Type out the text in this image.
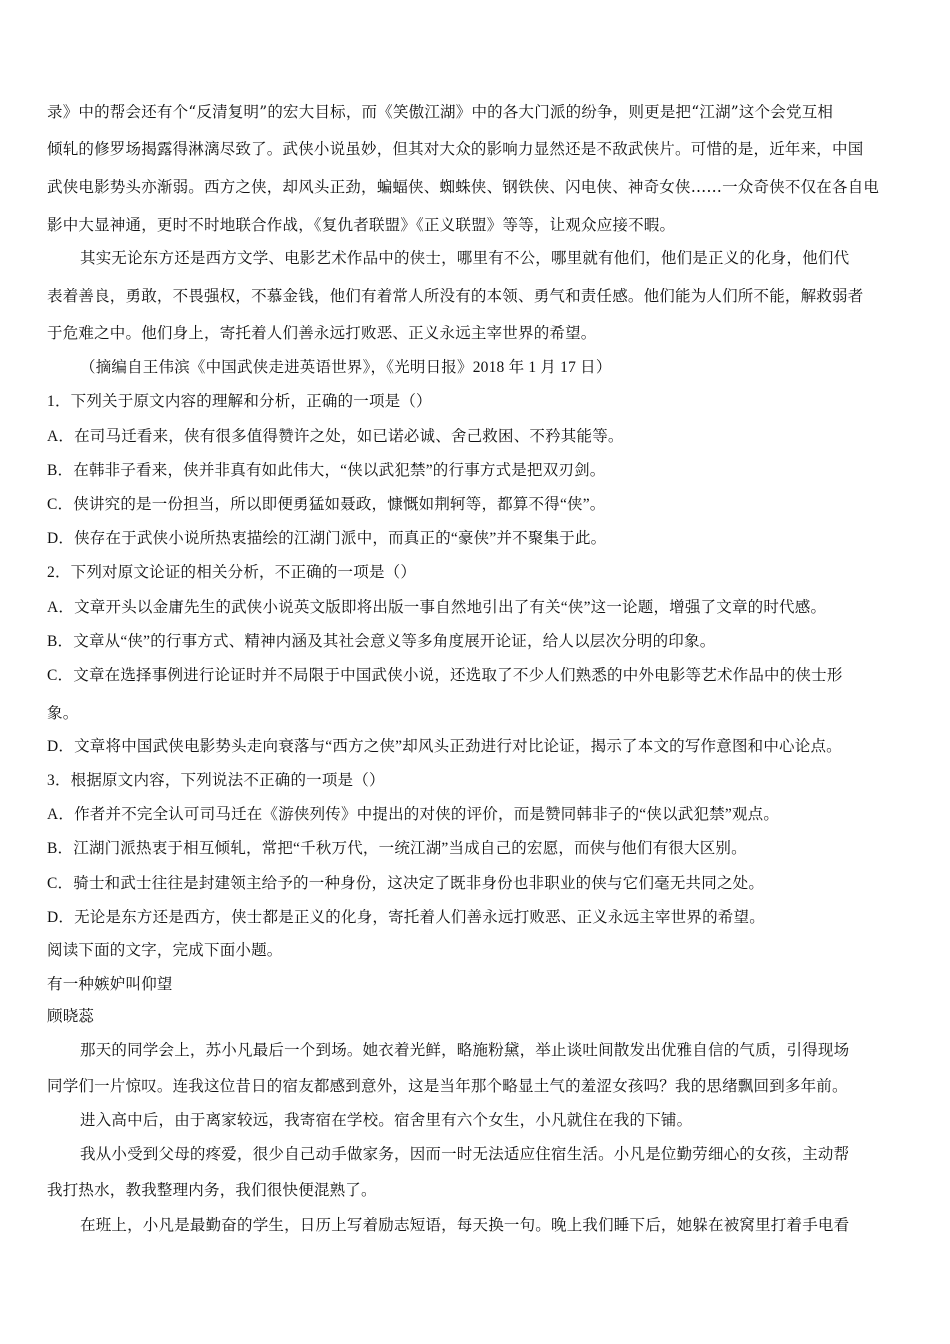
录》中的帮会还有个“反清复明”的宏大目标，而《笑傲江湖》中的各大门派的纷争，则更是把“江湖”这个会党互相
倾轧的修罗场揭露得淋漓尽致了。武侠小说虽妙，但其对大众的影响力显然还是不敌武侠片。可惜的是，近年来，中国
武侠电影势头亦渐弱。西方之侠，却风头正劲，蝙蝠侠、蜘蛛侠、钢铁侠、闪电侠、神奇女侠……一众奇侠不仅在各自电
影中大显神通，更时不时地联合作战，《复仇者联盟》《正义联盟》等等，让观众应接不暇。
其实无论东方还是西方文学、电影艺术作品中的侠士，哪里有不公，哪里就有他们，他们是正义的化身，他们代
表着善良，勇敢，不畏强权，不慕金钱，他们有着常人所没有的本领、勇气和责任感。他们能为人们所不能，解救弱者
于危难之中。他们身上，寄托着人们善永远打败恶、正义永远主宰世界的希望。
（摘编自王伟滨《中国武侠走进英语世界》，《光明日报》2018 年 1 月 17 日）
1．下列关于原文内容的理解和分析，正确的一项是（）
A．在司马迁看来，侠有很多值得赞许之处，如已诺必诚、舍己救困、不矜其能等。
B．在韩非子看来，侠并非真有如此伟大，“侠以武犯禁”的行事方式是把双刃剑。
C．侠讲究的是一份担当，所以即便勇猛如聂政，慷慨如荆轲等，都算不得“侠”。
D．侠存在于武侠小说所热衷描绘的江湖门派中，而真正的“豪侠”并不聚集于此。
2．下列对原文论证的相关分析，不正确的一项是（）
A．文章开头以金庸先生的武侠小说英文版即将出版一事自然地引出了有关“侠”这一论题，增强了文章的时代感。
B．文章从“侠”的行事方式、精神内涵及其社会意义等多角度展开论证，给人以层次分明的印象。
C．文章在选择事例进行论证时并不局限于中国武侠小说，还选取了不少人们熟悉的中外电影等艺术作品中的侠士形
象。
D．文章将中国武侠电影势头走向衰落与“西方之侠”却风头正劲进行对比论证，揭示了本文的写作意图和中心论点。
3．根据原文内容，下列说法不正确的一项是（）
A．作者并不完全认可司马迁在《游侠列传》中提出的对侠的评价，而是赞同韩非子的“侠以武犯禁”观点。
B．江湖门派热衷于相互倾轧，常把“千秋万代，一统江湖”当成自己的宏愿，而侠与他们有很大区别。
C．骑士和武士往往是封建领主给予的一种身份，这决定了既非身份也非职业的侠与它们毫无共同之处。
D．无论是东方还是西方，侠士都是正义的化身，寄托着人们善永远打败恶、正义永远主宰世界的希望。
阅读下面的文字，完成下面小题。
有一种嫉妒叫仰望
顾晓蕊
那天的同学会上，苏小凡最后一个到场。她衣着光鲜，略施粉黛，举止谈吐间散发出优雅自信的气质，引得现场
同学们一片惊叹。连我这位昔日的宿友都感到意外，这是当年那个略显土气的羞涩女孩吗？我的思绪飘回到多年前。
进入高中后，由于离家较远，我寄宿在学校。宿舍里有六个女生，小凡就住在我的下铺。
我从小受到父母的疼爱，很少自己动手做家务，因而一时无法适应住宿生活。小凡是位勤劳细心的女孩，主动帮
我打热水，教我整理内务，我们很快便混熟了。
在班上，小凡是最勤奋的学生，日历上写着励志短语，每天换一句。晚上我们睡下后，她躲在被窝里打着手电看
